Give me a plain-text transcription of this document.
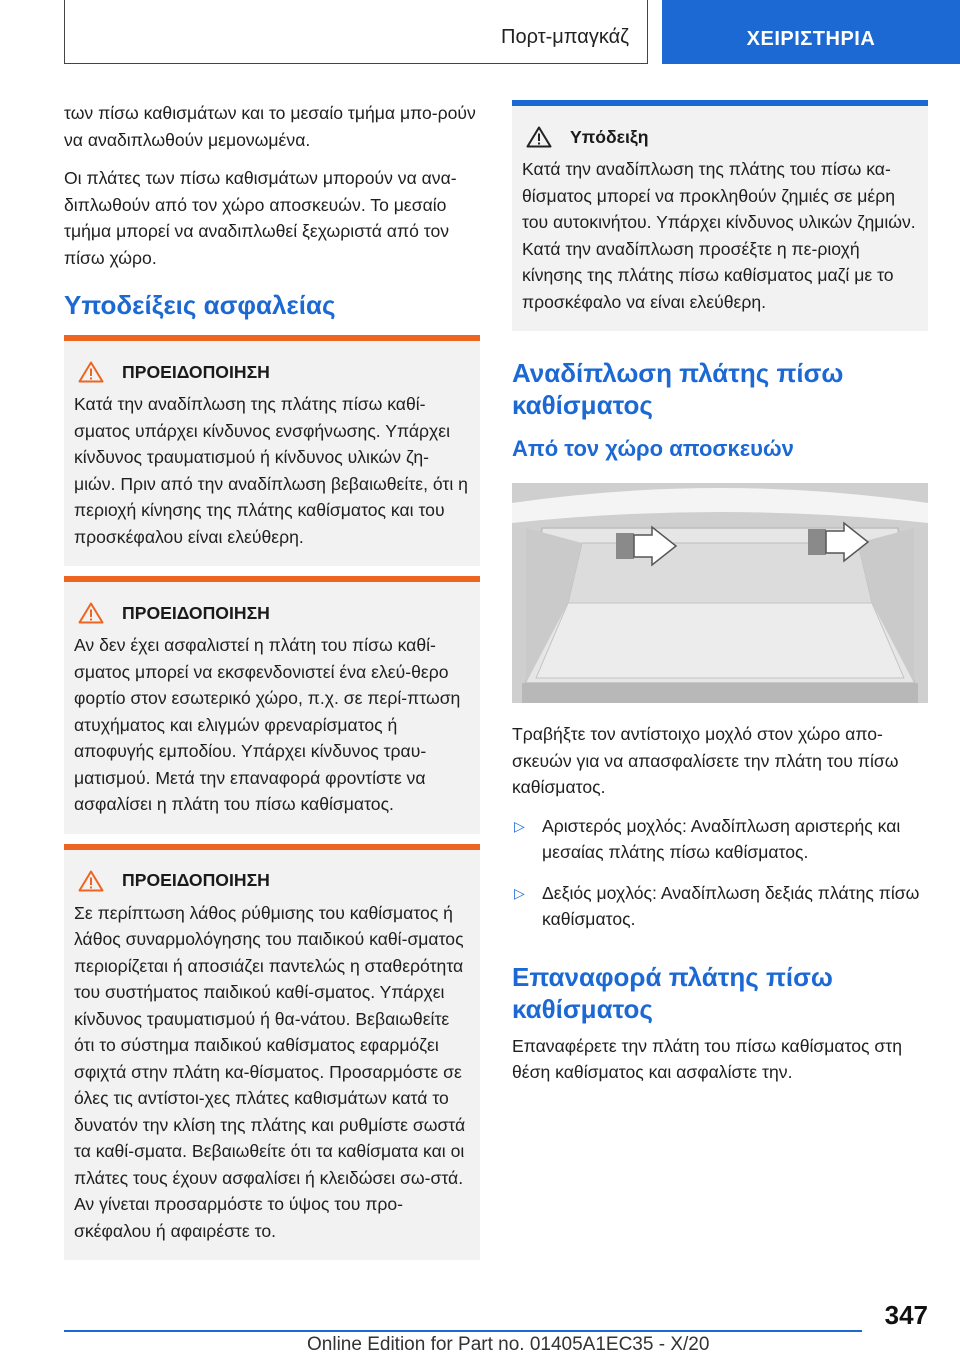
Πορτ-μπαγκάζ	ΧΕΙΡΙΣΤΗΡΙΑ

των πίσω καθισμάτων και το μεσαίο τμήμα μπο-ρούν να αναδιπλωθούν μεμονωμένα.

Οι πλάτες των πίσω καθισμάτων μπορούν να ανα-διπλωθούν από τον χώρο αποσκευών. Το μεσαίο τμήμα μπορεί να αναδιπλωθεί ξεχωριστά από τον πίσω χώρο.

Υποδείξεις ασφαλείας
ΠΡΟΕΙΔΟΠΟΙΗΣΗ

Κατά την αναδίπλωση της πλάτης πίσω καθί-σματος υπάρχει κίνδυνος ενσφήνωσης. Υπάρχει κίνδυνος τραυματισμού ή κίνδυνος υλικών ζη-μιών. Πριν από την αναδίπλωση βεβαιωθείτε, ότι η περιοχή κίνησης της πλάτης καθίσματος και του προσκέφαλου είναι ελεύθερη.

ΠΡΟΕΙΔΟΠΟΙΗΣΗ

Αν δεν έχει ασφαλιστεί η πλάτη του πίσω καθί-σματος μπορεί να εκσφενδονιστεί ένα ελεύ-θερο φορτίο στον εσωτερικό χώρο, π.χ. σε περί-πτωση ατυχήματος και ελιγμών φρεναρίσματος ή αποφυγής εμποδίου. Υπάρχει κίνδυνος τραυ-ματισμού. Μετά την επαναφορά φροντίστε να ασφαλίσει η πλάτη του πίσω καθίσματος.

ΠΡΟΕΙΔΟΠΟΙΗΣΗ

Σε περίπτωση λάθος ρύθμισης του καθίσματος ή λάθος συναρμολόγησης του παιδικού καθί-σματος περιορίζεται ή αποσιάζει παντελώς η σταθερότητα του συστήματος παιδικού καθί-σματος. Υπάρχει κίνδυνος τραυματισμού ή θα-νάτου. Βεβαιωθείτε ότι το σύστημα παιδικού καθίσματος εφαρμόζει σφιχτά στην πλάτη κα-θίσματος. Προσαρμόστε σε όλες τις αντίστοι-χες πλάτες καθισμάτων κατά το δυνατόν την κλίση της πλάτης και ρυθμίστε σωστά τα καθί-σματα. Βεβαιωθείτε ότι τα καθίσματα και οι πλάτες τους έχουν ασφαλίσει ή κλειδώσει σω-στά. Αν γίνεται προσαρμόστε το ύψος του προ-σκέφαλου ή αφαιρέστε το.

Υπόδειξη

Κατά την αναδίπλωση της πλάτης του πίσω κα-θίσματος μπορεί να προκληθούν ζημιές σε μέρη του αυτοκινήτου. Υπάρχει κίνδυνος υλικών ζημιών. Κατά την αναδίπλωση προσέξτε η πε-ριοχή κίνησης της πλάτης πίσω καθίσματος μαζί με το προσκέφαλο να είναι ελεύθερη.

Αναδίπλωση πλάτης πίσω καθίσματος
Από τον χώρο αποσκευών

Τραβήξτε τον αντίστοιχο μοχλό στον χώρο απο-σκευών για να απασφαλίσετε την πλάτη του πίσω καθίσματος.

▷ Αριστερός μοχλός: Αναδίπλωση αριστερής και μεσαίας πλάτης πίσω καθίσματος.
▷ Δεξιός μοχλός: Αναδίπλωση δεξιάς πλάτης πίσω καθίσματος.
Επαναφορά πλάτης πίσω καθίσματος

Επαναφέρετε την πλάτη του πίσω καθίσματος στη θέση καθίσματος και ασφαλίστε την.

347
Online Edition for Part no. 01405A1EC35 - X/20
